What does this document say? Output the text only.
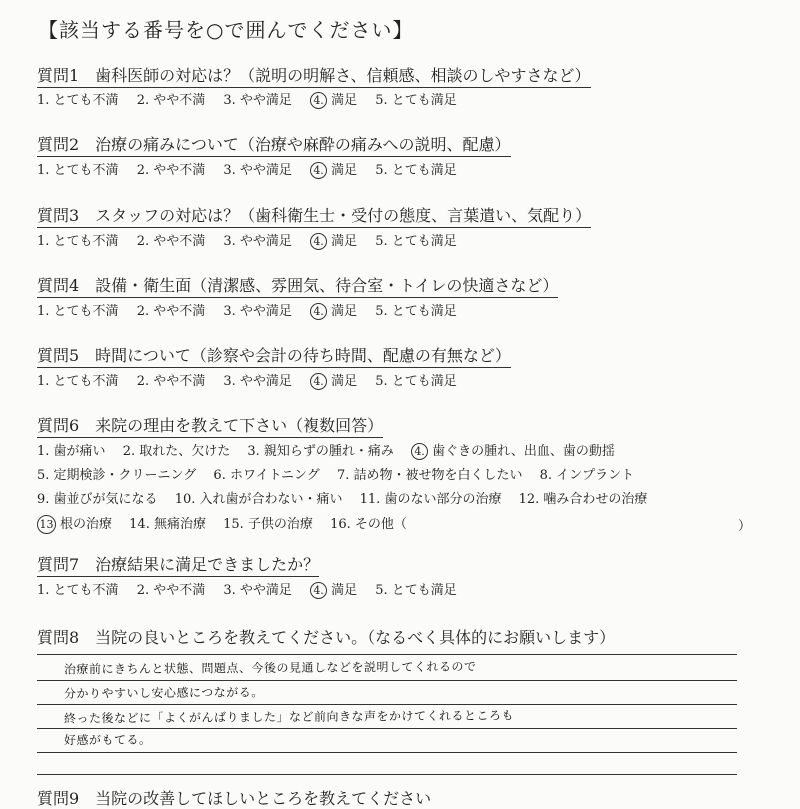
【該当する番号を○で囲んでください】
質問1　歯科医師の対応は？（説明の明解さ、信頼感、相談のしやすさなど）
1. とても不満 2. やや不満 3. やや満足 4. 満足 5. とても満足
質問2　治療の痛みについて（治療や麻酔の痛みへの説明、配慮）
1. とても不満 2. やや不満 3. やや満足 4. 満足 5. とても満足
質問3　スタッフの対応は？（歯科衛生士・受付の態度、言葉遣い、気配り）
1. とても不満 2. やや不満 3. やや満足 4. 満足 5. とても満足
質問4　設備・衛生面（清潔感、雰囲気、待合室・トイレの快適さなど）
1. とても不満 2. やや不満 3. やや満足 4. 満足 5. とても満足
質問5　時間について（診察や会計の待ち時間、配慮の有無など）
1. とても不満 2. やや不満 3. やや満足 4. 満足 5. とても満足
質問6　来院の理由を教えて下さい（複数回答）
1. 歯が痛い 2. 取れた、欠けた 3. 親知らずの腫れ・痛み 4. 歯ぐきの腫れ、出血、歯の動揺
5. 定期検診・クリーニング 6. ホワイトニング 7. 詰め物・被せ物を白くしたい 8. インプラント
9. 歯並びが気になる 10. 入れ歯が合わない・痛い 11. 歯のない部分の治療 12. 噛み合わせの治療
13 根の治療 14. 無痛治療 15. 子供の治療 16. その他（	）
質問7　治療結果に満足できましたか？
1. とても不満 2. やや不満 3. やや満足 4. 満足 5. とても満足
質問8　当院の良いところを教えてください。（なるべく具体的にお願いします）
治療前にきちんと状態、問題点、今後の見通しなどを説明してくれるので
分かりやすいし安心感につながる。
終った後などに「よくがんばりました」など前向きな声をかけてくれるところも
好感がもてる。
質問9　当院の改善してほしいところを教えてください
